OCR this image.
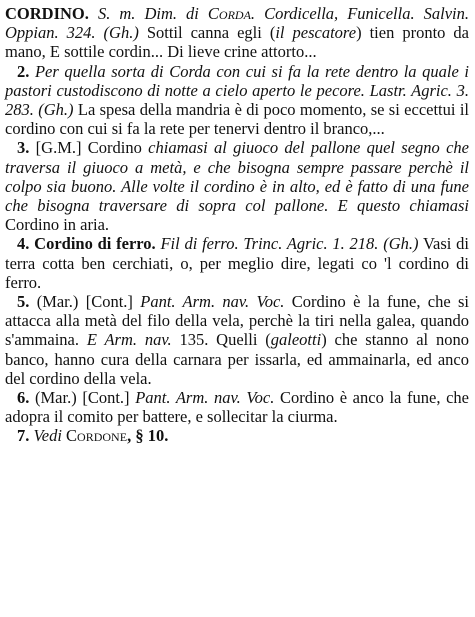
CORDINO. S. m. Dim. di Corda. Cordicella, Funicella. Salvin. Oppian. 324. (Gh.) Sottil canna egli (il pescatore) tien pronto da mano, E sottile cordin... Di lieve crine attorto...

2. Per quella sorta di Corda con cui si fa la rete dentro la quale i pastori custodiscono di notte a cielo aperto le pecore. Lastr. Agric. 3. 283. (Gh.) La spesa della mandria è di poco momento, se si eccettui il cordino con cui si fa la rete per tenervi dentro il branco,...

3. [G.M.] Cordino chiamasi al giuoco del pallone quel segno che traversa il giuoco a metà, e che bisogna sempre passare perchè il colpo sia buono. Alle volte il cordino è in alto, ed è fatto di una fune che bisogna traversare di sopra col pallone. E questo chiamasi Cordino in aria.

4. Cordino di ferro. Fil di ferro. Trinc. Agric. 1. 218. (Gh.) Vasi di terra cotta ben cerchiati, o, per meglio dire, legati co 'l cordino di ferro.

5. (Mar.) [Cont.] Pant. Arm. nav. Voc. Cordino è la fune, che si attacca alla metà del filo della vela, perchè la tiri nella galea, quando s'ammaina. E Arm. nav. 135. Quelli (galeotti) che stanno al nono banco, hanno cura della carnara per issarla, ed ammainarla, ed anco del cordino della vela.

6. (Mar.) [Cont.] Pant. Arm. nav. Voc. Cordino è anco la fune, che adopra il comito per battere, e sollecitar la ciurma.

7. Vedi Cordone, § 10.
